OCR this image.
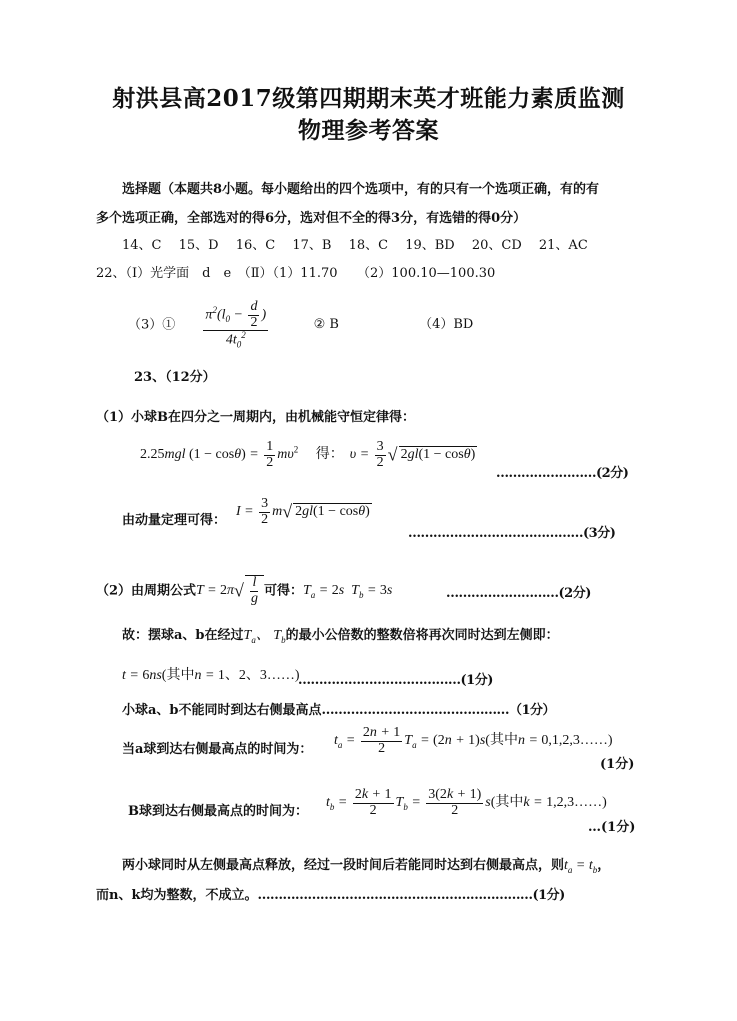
射洪县高2017级第四期期末英才班能力素质监测
物理参考答案
选择题（本题共8小题。每小题给出的四个选项中，有的只有一个选项正确，有的有
多个选项正确，全部选对的得6分，选对但不全的得3分，有选错的得0分）
14、C　 15、D　 16、C　 17、B　 18、C　 19、BD　 20、CD　 21、AC
22、（Ⅰ）光学面　d　e　（Ⅱ）（1）11.70　　（2）100.10—100.30
（3）① $\frac{\pi^2(l_0 - \frac{d}{2} )}{4t_0^2}$	② B	（4）BD
23、（12分）
（1）小球B在四分之一周期内，由机械能守恒定律得：
2.25mgl $(1 - \cos\theta) = \frac{1}{2} m\upsilon^2$ 得： $\upsilon = \frac{3}{2}$ √ 2gl(1 − cosθ)
……………………(2分)
由动量定理可得：
$I = \frac{3}{2} m√$ 2gl(1 − cosθ)
……………………………………(3分)
（2）由周期公式$T = 2\pi√ \frac{l}{g}$ 可得：$T_a = 2s$  $T_b = 3s$	………………………(2分)
故：摆球a、b在经过$T_a$、 $T_b$的最小公倍数的整数倍将再次同时达到左侧即：
t = 6ns(其中n = 1、2、3……)
…………………………………(1分)
小球a、b不能同时到达右侧最高点………………………………………（1分）
当a球到达右侧最高点的时间为：
$t_a = \frac{2n + 1}{2} T_a = (2n + 1)s$(其中n = 0,1,2,3……)
(1分)
B球到达右侧最高点的时间为：
$t_b = \frac{2k + 1}{2} T_b = \frac{3(2k + 1)}{2} s$(其中k = 1,2,3……)
…(1分)
两小球同时从左侧最高点释放，经过一段时间后若能同时达到右侧最高点，则$t_a = t_b$，
而n、k均为整数，不成立。…………………………………………………………(1分)
